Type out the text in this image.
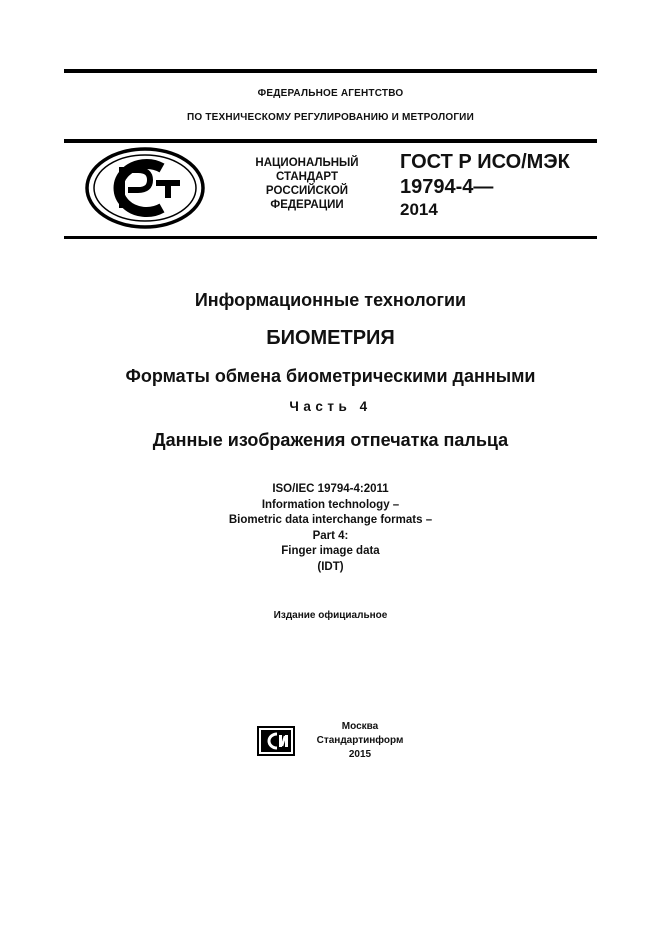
ФЕДЕРАЛЬНОЕ АГЕНТСТВО
ПО ТЕХНИЧЕСКОМУ РЕГУЛИРОВАНИЮ И МЕТРОЛОГИИ
НАЦИОНАЛЬНЫЙ
СТАНДАРТ
РОССИЙСКОЙ
ФЕДЕРАЦИИ
ГОСТ Р ИСО/МЭК
19794-4—
2014
Информационные технологии
БИОМЕТРИЯ
Форматы обмена биометрическими данными
Часть 4
Данные изображения отпечатка пальца
ISO/IEC 19794-4:2011
Information technology –
Biometric data interchange formats –
Part 4:
Finger image data
(IDT)
Издание официальное
Москва
Стандартинформ
2015
